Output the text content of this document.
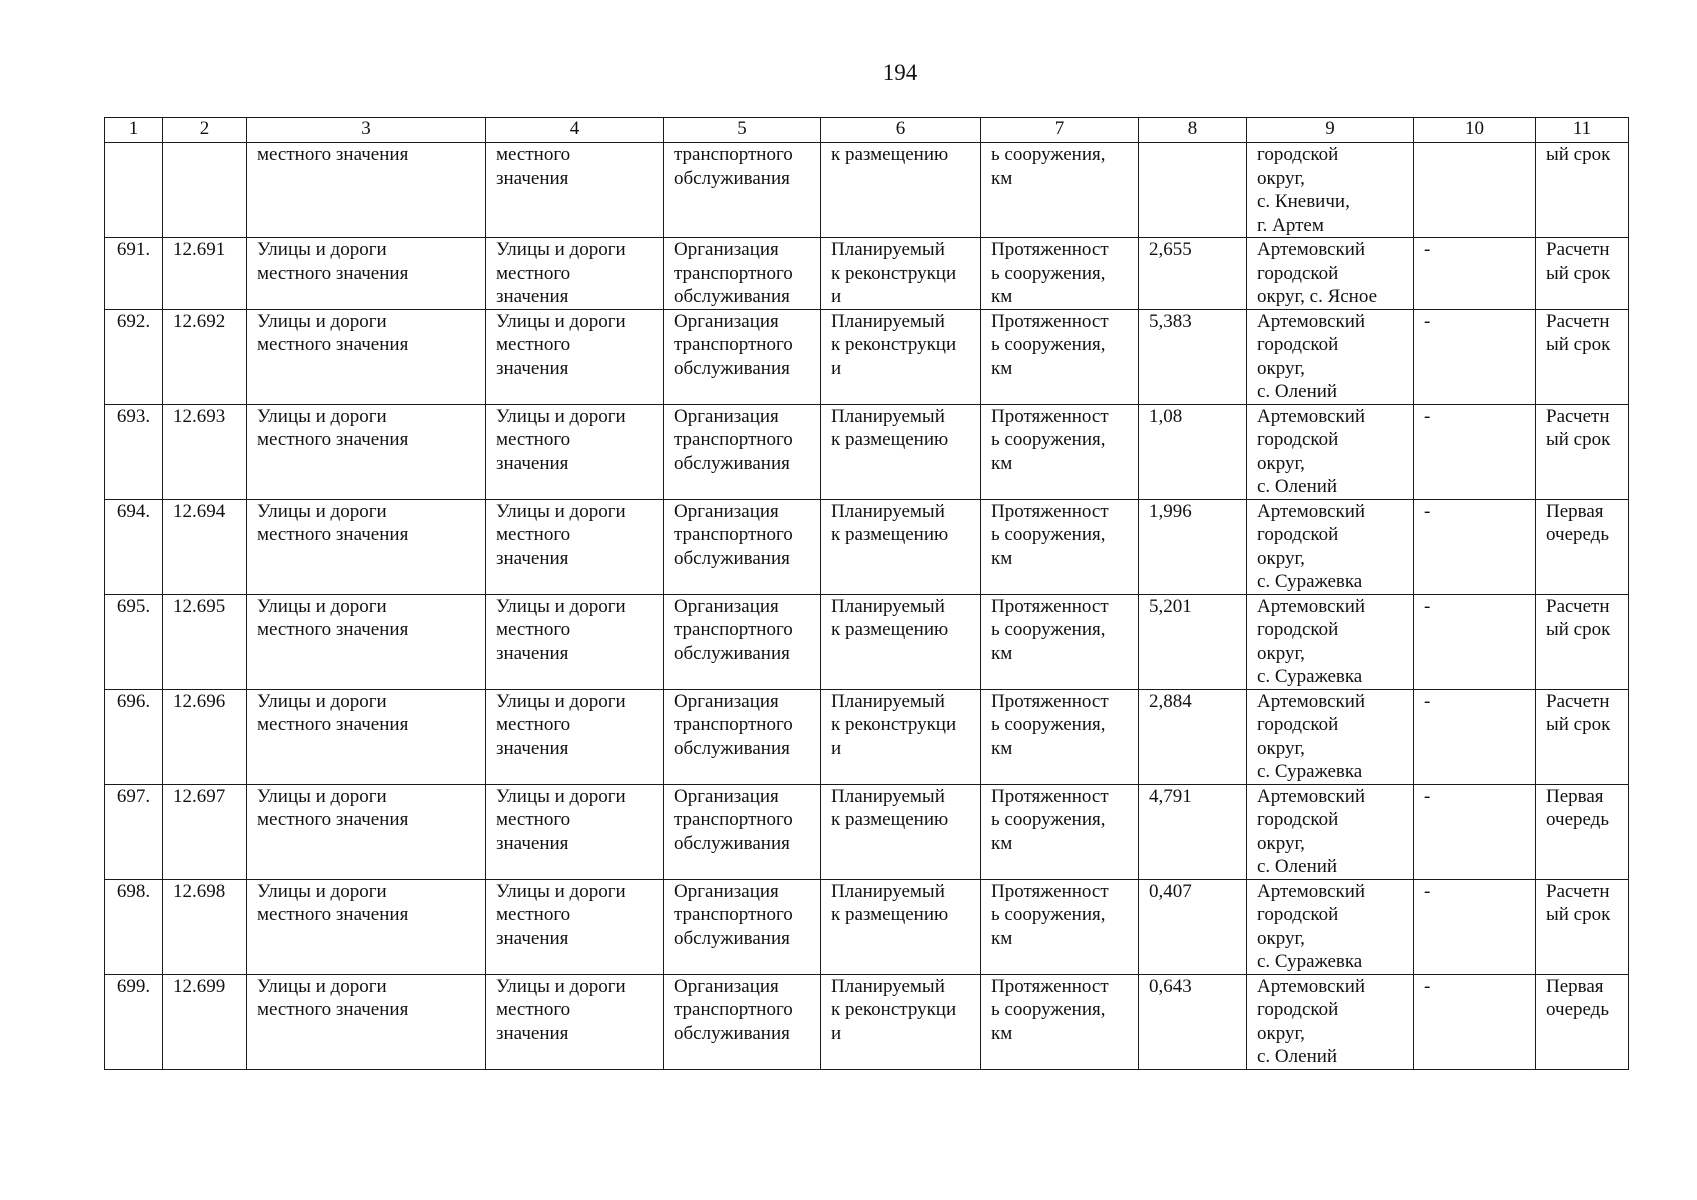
194
1	2	3	4	5	6	7	8	9	10	11
		местного значения	местного
значения	транспортного
обслуживания	к размещению	ь сооружения,
км		городской
округ,
с. Кневичи,
г. Артем		ый срок
691.	12.691	Улицы и дороги
местного значения	Улицы и дороги
местного
значения	Организация
транспортного
обслуживания	Планируемый
к реконструкци
и	Протяженност
ь сооружения,
км	2,655	Артемовский
городской
округ, с. Ясное	-	Расчетн
ый срок
692.	12.692	Улицы и дороги
местного значения	Улицы и дороги
местного
значения	Организация
транспортного
обслуживания	Планируемый
к реконструкци
и	Протяженност
ь сооружения,
км	5,383	Артемовский
городской
округ,
с. Олений	-	Расчетн
ый срок
693.	12.693	Улицы и дороги
местного значения	Улицы и дороги
местного
значения	Организация
транспортного
обслуживания	Планируемый
к размещению	Протяженност
ь сооружения,
км	1,08	Артемовский
городской
округ,
с. Олений	-	Расчетн
ый срок
694.	12.694	Улицы и дороги
местного значения	Улицы и дороги
местного
значения	Организация
транспортного
обслуживания	Планируемый
к размещению	Протяженност
ь сооружения,
км	1,996	Артемовский
городской
округ,
с. Суражевка	-	Первая
очередь
695.	12.695	Улицы и дороги
местного значения	Улицы и дороги
местного
значения	Организация
транспортного
обслуживания	Планируемый
к размещению	Протяженност
ь сооружения,
км	5,201	Артемовский
городской
округ,
с. Суражевка	-	Расчетн
ый срок
696.	12.696	Улицы и дороги
местного значения	Улицы и дороги
местного
значения	Организация
транспортного
обслуживания	Планируемый
к реконструкци
и	Протяженност
ь сооружения,
км	2,884	Артемовский
городской
округ,
с. Суражевка	-	Расчетн
ый срок
697.	12.697	Улицы и дороги
местного значения	Улицы и дороги
местного
значения	Организация
транспортного
обслуживания	Планируемый
к размещению	Протяженност
ь сооружения,
км	4,791	Артемовский
городской
округ,
с. Олений	-	Первая
очередь
698.	12.698	Улицы и дороги
местного значения	Улицы и дороги
местного
значения	Организация
транспортного
обслуживания	Планируемый
к размещению	Протяженност
ь сооружения,
км	0,407	Артемовский
городской
округ,
с. Суражевка	-	Расчетн
ый срок
699.	12.699	Улицы и дороги
местного значения	Улицы и дороги
местного
значения	Организация
транспортного
обслуживания	Планируемый
к реконструкци
и	Протяженност
ь сооружения,
км	0,643	Артемовский
городской
округ,
с. Олений	-	Первая
очередь
